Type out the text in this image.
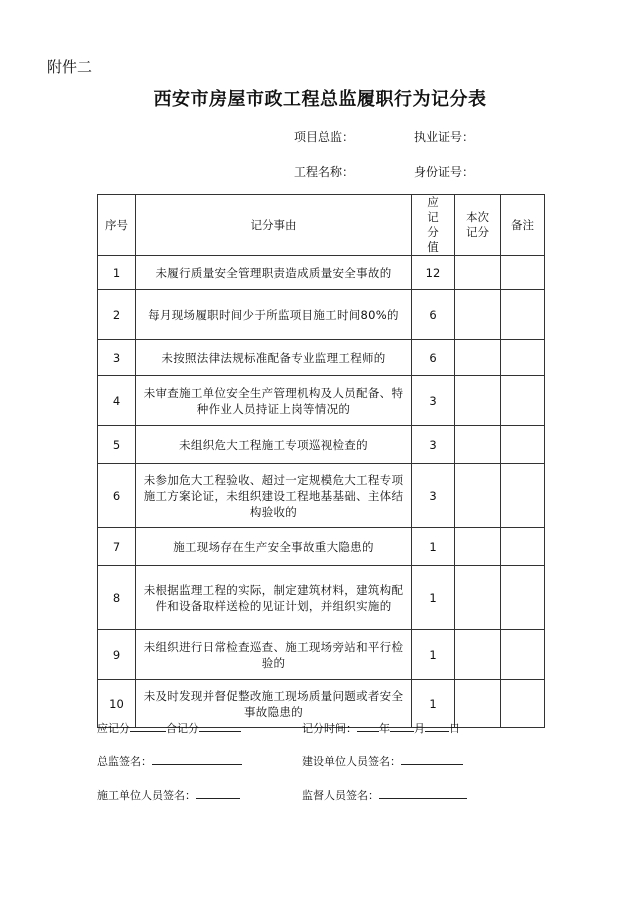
附件二
西安市房屋市政工程总监履职行为记分表
项目总监：	执业证号：
工程名称：	身份证号：
序号	记分事由	应记分值	本次记分	备注
1	未履行质量安全管理职责造成质量安全事故的	12		
2	每月现场履职时间少于所监项目施工时间80%的	6		
3	未按照法律法规标准配备专业监理工程师的	6		
4	未审查施工单位安全生产管理机构及人员配备、特种作业人员持证上岗等情况的	3		
5	未组织危大工程施工专项巡视检查的	3		
6	未参加危大工程验收、超过一定规模危大工程专项施工方案论证，未组织建设工程地基基础、主体结构验收的	3		
7	施工现场存在生产安全事故重大隐患的	1		
8	未根据监理工程的实际，制定建筑材料，建筑构配件和设备取样送检的见证计划，并组织实施的	1		
9	未组织进行日常检查巡查、施工现场旁站和平行检验的	1		
10	未及时发现并督促整改施工现场质量问题或者安全事故隐患的	1		
应记分	合记分	记分时间： 年 月 日
总监签名：	建设单位人员签名：
施工单位人员签名：	监督人员签名：
